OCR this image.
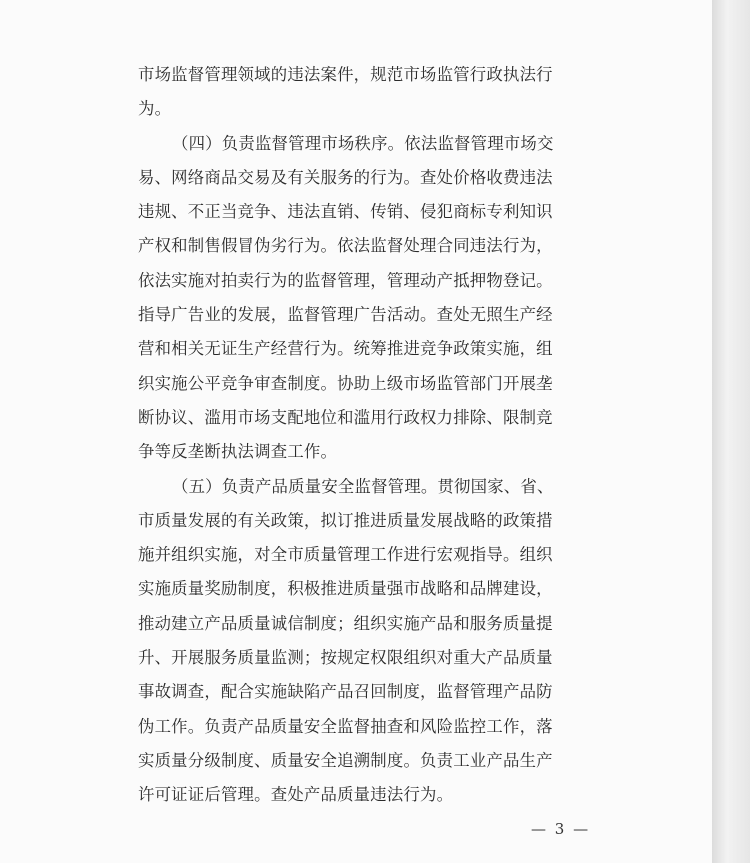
市场监督管理领域的违法案件，规范市场监管行政执法行
为。
（四）负责监督管理市场秩序。依法监督管理市场交
易、网络商品交易及有关服务的行为。查处价格收费违法
违规、不正当竞争、违法直销、传销、侵犯商标专利知识
产权和制售假冒伪劣行为。依法监督处理合同违法行为，
依法实施对拍卖行为的监督管理，管理动产抵押物登记。
指导广告业的发展，监督管理广告活动。查处无照生产经
营和相关无证生产经营行为。统筹推进竞争政策实施，组
织实施公平竞争审查制度。协助上级市场监管部门开展垄
断协议、滥用市场支配地位和滥用行政权力排除、限制竞
争等反垄断执法调查工作。
（五）负责产品质量安全监督管理。贯彻国家、省、
市质量发展的有关政策，拟订推进质量发展战略的政策措
施并组织实施，对全市质量管理工作进行宏观指导。组织
实施质量奖励制度，积极推进质量强市战略和品牌建设，
推动建立产品质量诚信制度；组织实施产品和服务质量提
升、开展服务质量监测；按规定权限组织对重大产品质量
事故调查，配合实施缺陷产品召回制度，监督管理产品防
伪工作。负责产品质量安全监督抽查和风险监控工作，落
实质量分级制度、质量安全追溯制度。负责工业产品生产
许可证证后管理。查处产品质量违法行为。
— 3 —
